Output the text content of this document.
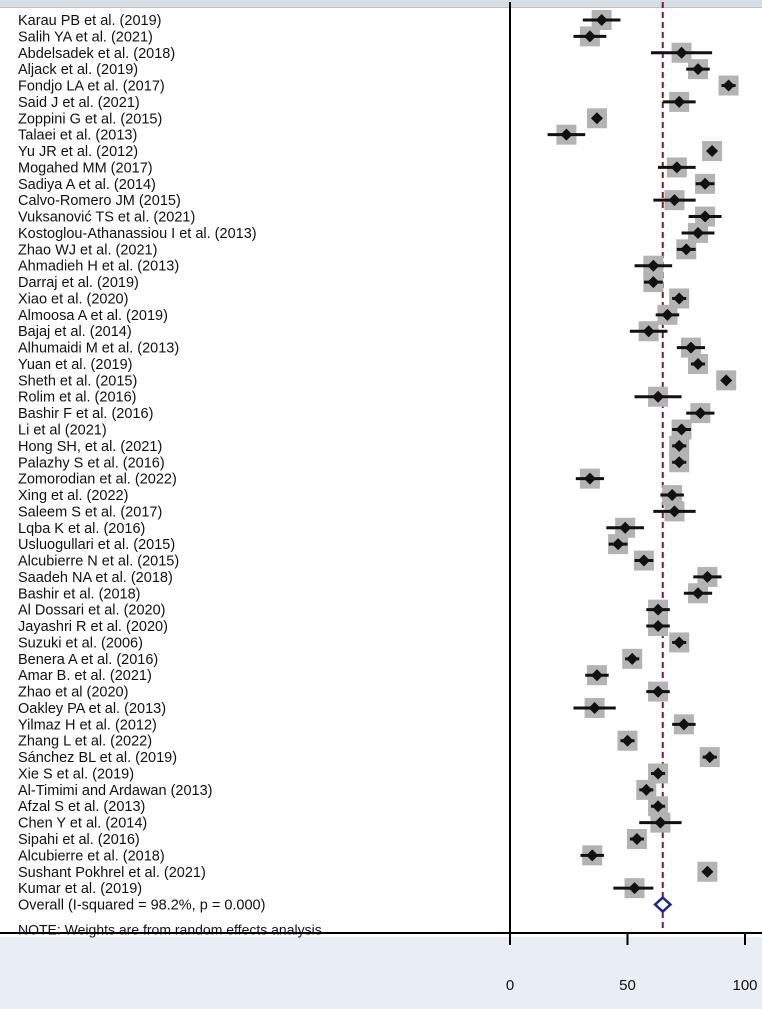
Karau PB et al. (2019)
Salih YA et al. (2021)
Abdelsadek et al. (2018)
Aljack et al. (2019)
Fondjo LA et al. (2017)
Said J et al. (2021)
Zoppini G et al. (2015)
Talaei et al. (2013)
Yu JR et al. (2012)
Mogahed MM (2017)
Sadiya A et al. (2014)
Calvo-Romero JM (2015)
Vuksanović TS et al. (2021)
Kostoglou-Athanassiou I et al. (2013)
Zhao WJ et al. (2021)
Ahmadieh H et al. (2013)
Darraj et al. (2019)
Xiao et al. (2020)
Almoosa A et al. (2019)
Bajaj et al. (2014)
Alhumaidi M et al. (2013)
Yuan et al. (2019)
Sheth et al. (2015)
Rolim et al. (2016)
Bashir F et al. (2016)
Li et al (2021)
Hong SH, et al. (2021)
Palazhy S et al. (2016)
Zomorodian et al. (2022)
Xing et al. (2022)
Saleem S et al. (2017)
Lqba K et al. (2016)
Usluogullari et al. (2015)
Alcubierre N et al. (2015)
Saadeh NA et al. (2018)
Bashir et al. (2018)
Al Dossari et al. (2020)
Jayashri R et al. (2020)
Suzuki et al. (2006)
Benera A et al. (2016)
Amar B. et al. (2021)
Zhao et al (2020)
Oakley PA et al. (2013)
Yilmaz H et al. (2012)
Zhang L et al. (2022)
Sánchez BL et al. (2019)
Xie S et al. (2019)
Al-Timimi and Ardawan (2013)
Afzal S et al. (2013)
Chen Y et al. (2014)
Sipahi et al. (2016)
Alcubierre et al. (2018)
Sushant Pokhrel et al. (2021)
Kumar et al. (2019)
Overall (I-squared = 98.2%, p = 0.000)
NOTE: Weights are from random effects analysis
0	50	100
